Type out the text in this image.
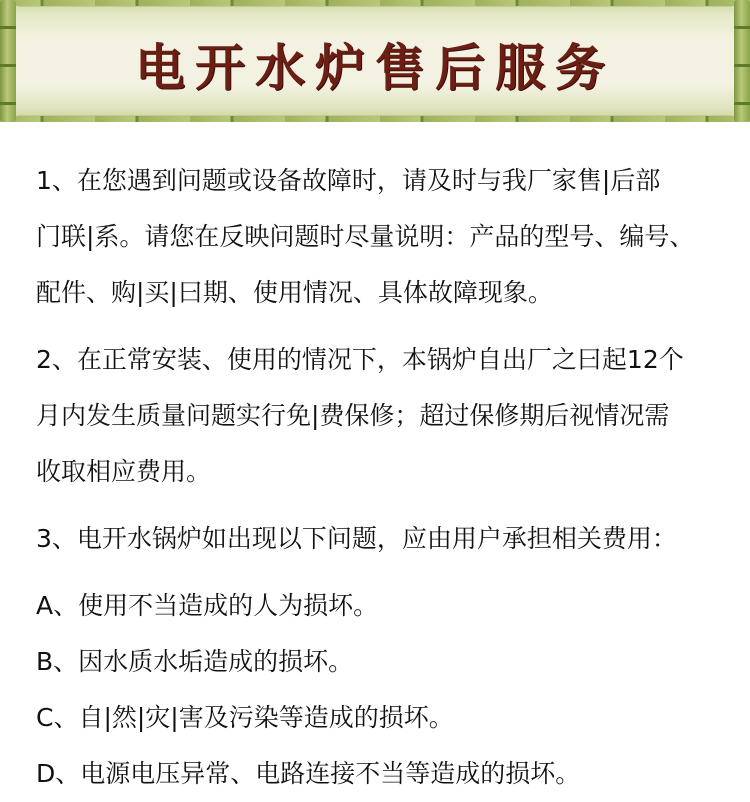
电开水炉售后服务
1、在您遇到问题或设备故障时，请及时与我厂家售|后部
门联|系。请您在反映问题时尽量说明：产品的型号、编号、
配件、购|买|曰期、使用情况、具体故障现象。
2、在正常安装、使用的情况下，本锅炉自出厂之曰起12个
月内发生质量问题实行免|费保修；超过保修期后视情况需
收取相应费用。
3、电开水锅炉如出现以下问题，应由用户承担相关费用：
A、使用不当造成的人为损坏。
B、因水质水垢造成的损坏。
C、自|然|灾|害及污染等造成的损坏。
D、电源电压异常、电路连接不当等造成的损坏。
